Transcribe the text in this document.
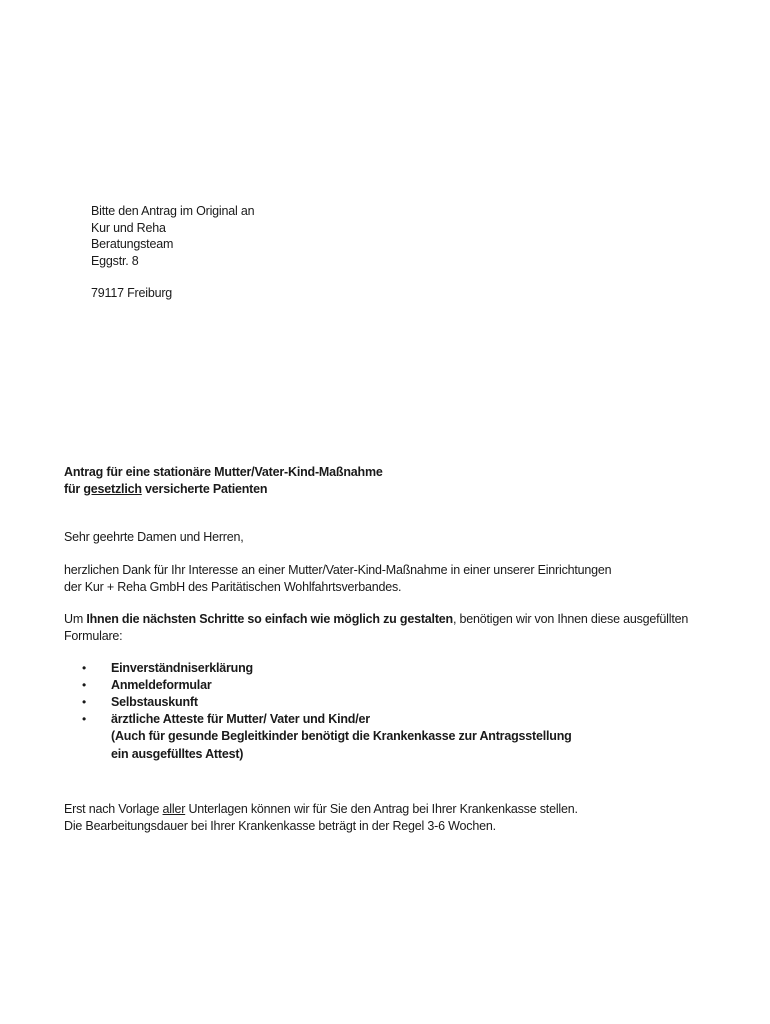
Bitte den Antrag im Original an
Kur und Reha
Beratungsteam
Eggstr. 8
79117 Freiburg
Antrag für eine stationäre Mutter/Vater-Kind-Maßnahme
für gesetzlich versicherte Patienten
Sehr geehrte Damen und Herren,
herzlichen Dank für Ihr Interesse an einer Mutter/Vater-Kind-Maßnahme in einer unserer Einrichtungen
der Kur + Reha GmbH des Paritätischen Wohlfahrtsverbandes.
Um Ihnen die nächsten Schritte so einfach wie möglich zu gestalten, benötigen wir von Ihnen diese ausgefüllten
Formulare:
•	Einverständniserklärung
•	Anmeldeformular
•	Selbstauskunft
•	ärztliche Atteste für Mutter/ Vater und Kind/er
(Auch für gesunde Begleitkinder benötigt die Krankenkasse zur Antragsstellung
ein ausgefülltes Attest)
Erst nach Vorlage aller Unterlagen können wir für Sie den Antrag bei Ihrer Krankenkasse stellen.
Die Bearbeitungsdauer bei Ihrer Krankenkasse beträgt in der Regel 3-6 Wochen.
